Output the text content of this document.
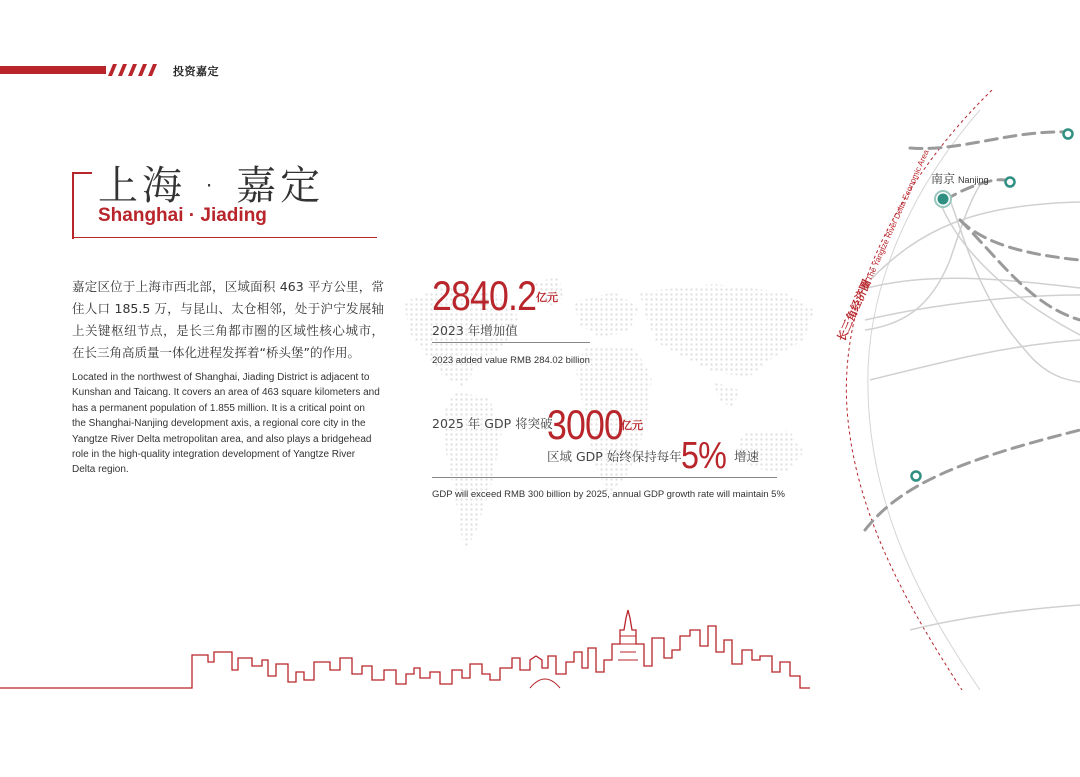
投资嘉定
上海 · 嘉定
Shanghai · Jiading

嘉定区位于上海市西北部，区域面积 463 平方公里，常住人口 185.5 万，与昆山、太仓相邻，处于沪宁发展轴上关键枢纽节点，是长三角都市圈的区域性核心城市，在长三角高质量一体化进程发挥着“桥头堡”的作用。

Located in the northwest of Shanghai, Jiading District is adjacent to Kunshan and Taicang. It covers an area of 463 square kilometers and has a permanent population of 1.855 million. It is a critical point on the Shanghai-Nanjing development axis, a regional core city in the Yangtze River Delta metropolitan area, and also plays a bridgehead role in the high-quality integration development of Yangtze River Delta region.

2840.2 亿元
2023 年增加值
2023 added value RMB 284.02 billion
2025 年 GDP 将突破
3000
亿元
区域 GDP 始终保持每年 5% 增速
GDP will exceed RMB 300 billion by 2025, annual GDP growth rate will maintain 5%
长三角经济圈
/ The Yangtze River Delta Economic Area 南京 Nanjing
